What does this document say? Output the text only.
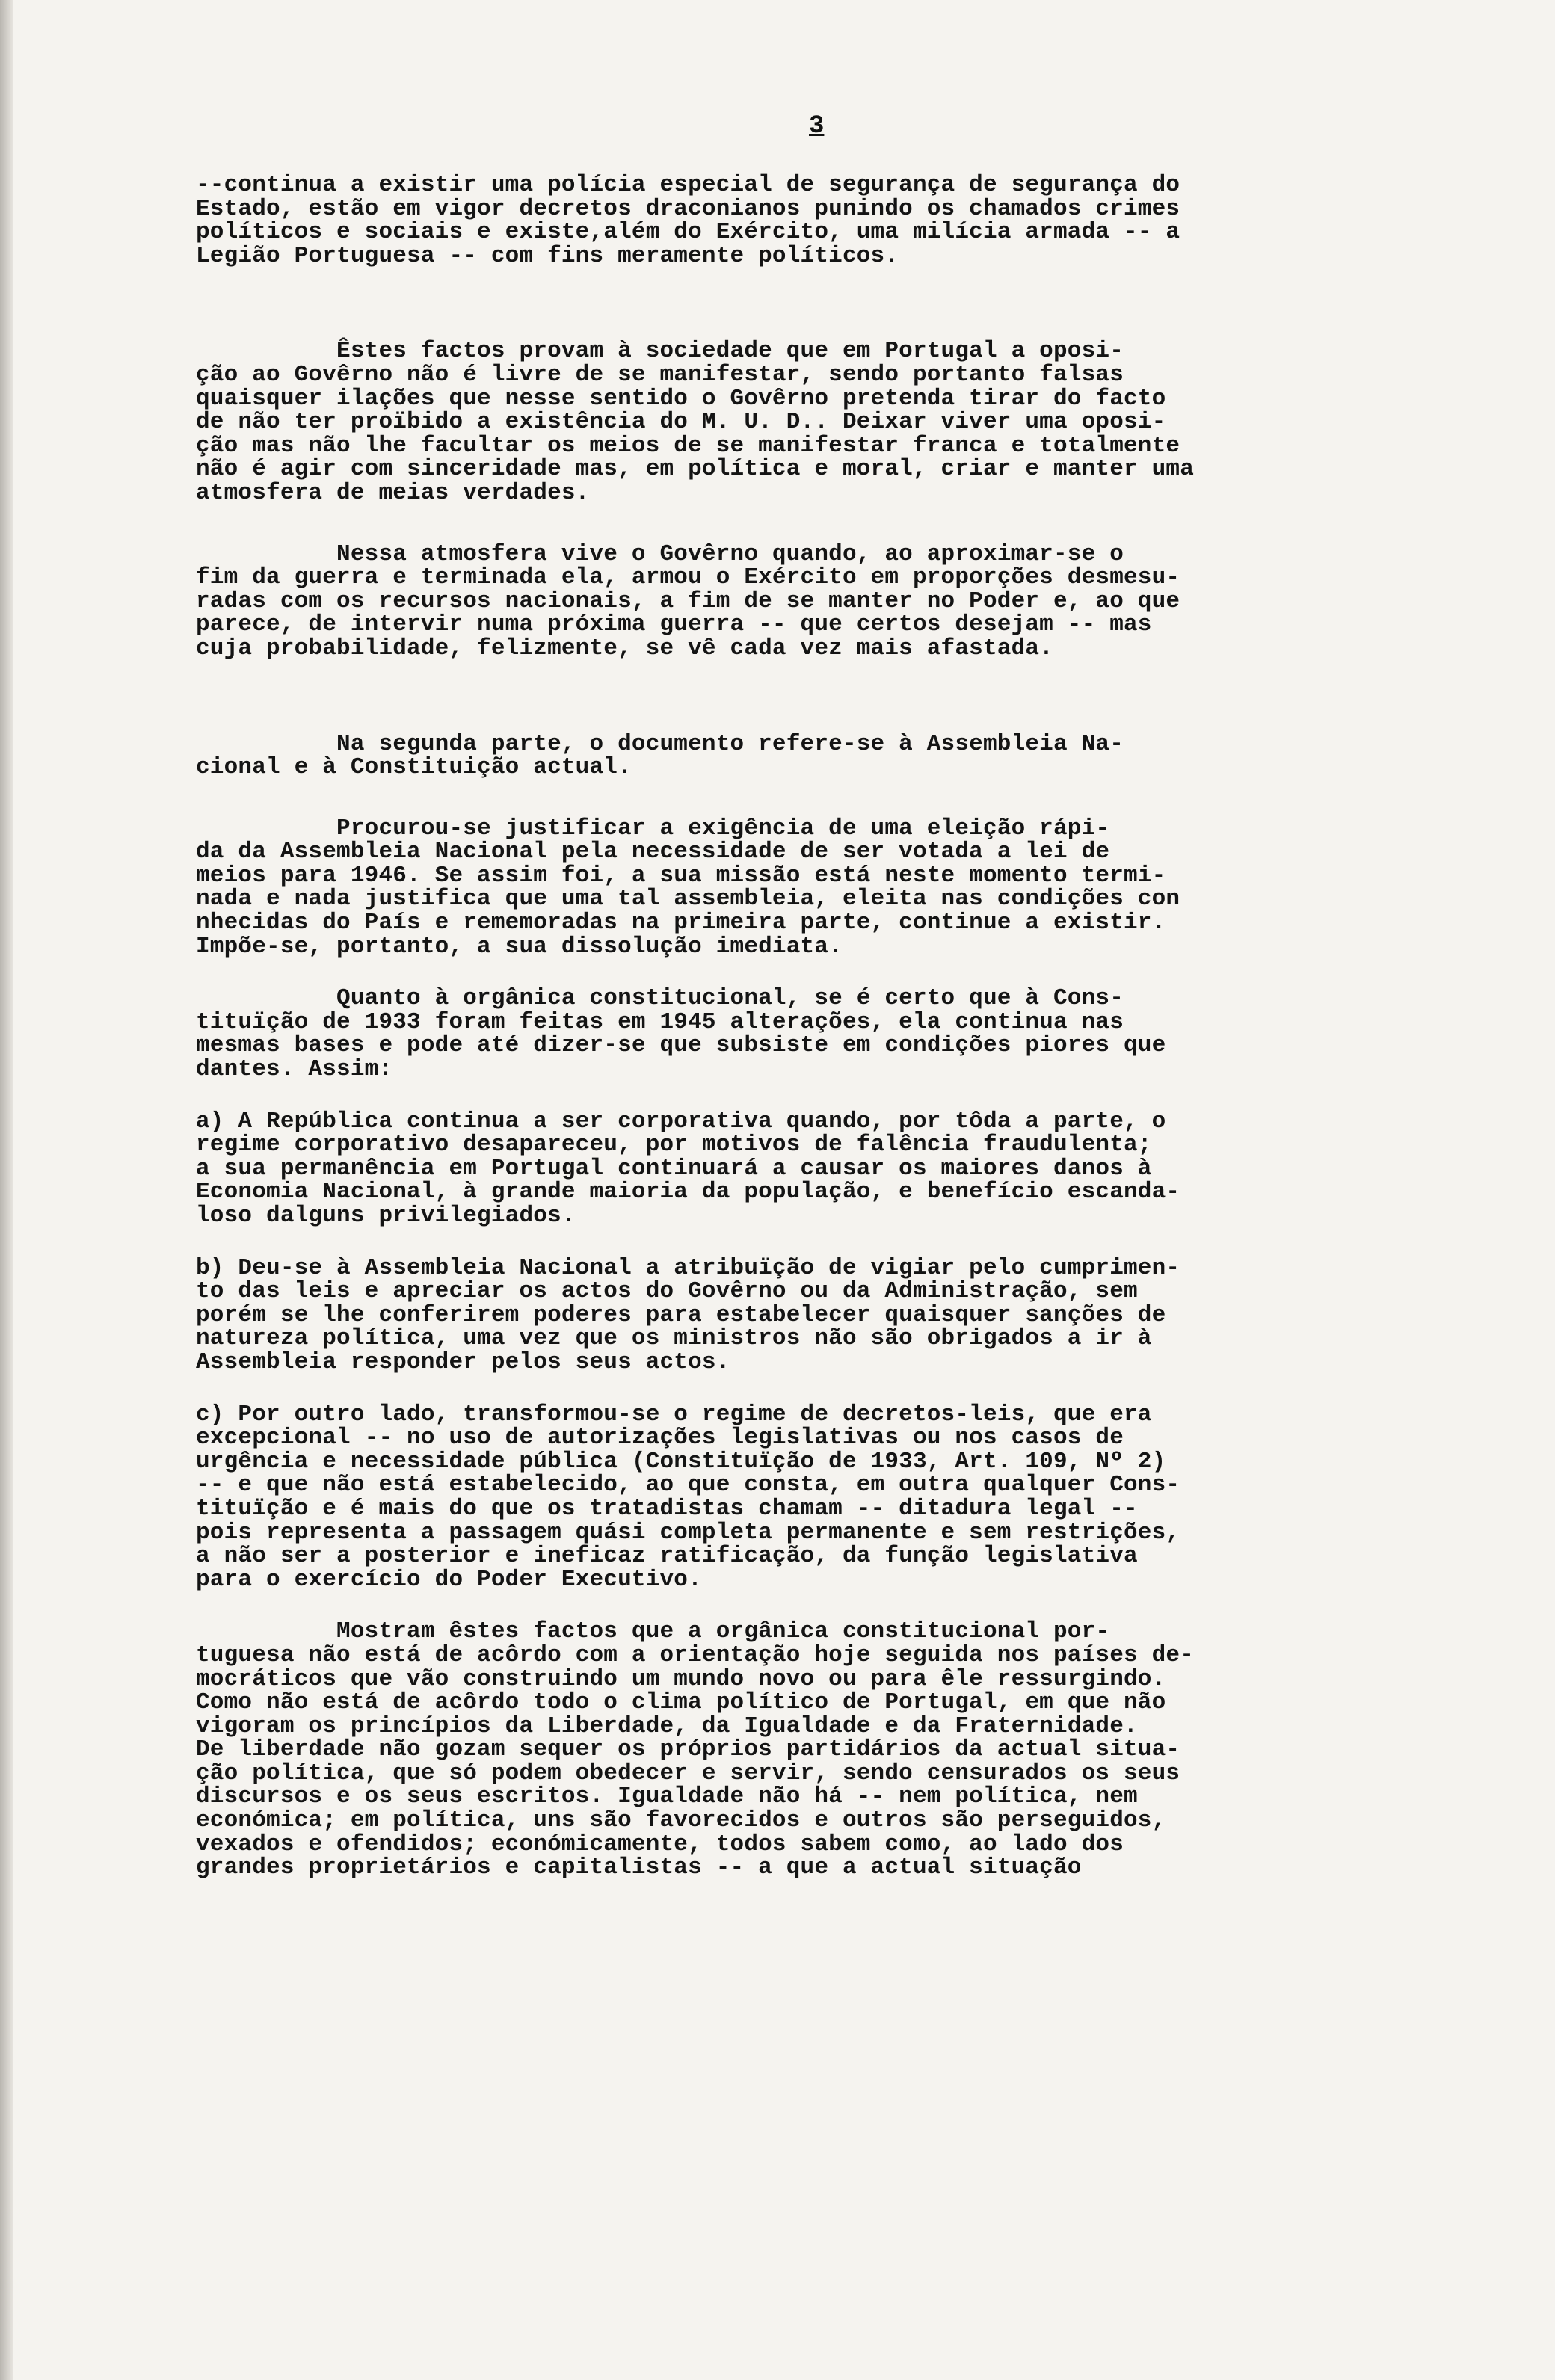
3
--continua a existir uma polícia especial de segurança de segurança do
Estado, estão em vigor decretos draconianos punindo os chamados crimes
políticos e sociais e existe,além do Exército, uma milícia armada -- a
Legião Portuguesa -- com fins meramente políticos.
Êstes factos provam à sociedade que em Portugal a oposi-
ção ao Govêrno não é livre de se manifestar, sendo portanto falsas
quaisquer ilações que nesse sentido o Govêrno pretenda tirar do facto
de não ter proïbido a existência do M. U. D.. Deixar viver uma oposi-
ção mas não lhe facultar os meios de se manifestar franca e totalmente
não é agir com sinceridade mas, em política e moral, criar e manter uma
atmosfera de meias verdades.
Nessa atmosfera vive o Govêrno quando, ao aproximar-se o
fim da guerra e terminada ela, armou o Exército em proporções desmesu-
radas com os recursos nacionais, a fim de se manter no Poder e, ao que
parece, de intervir numa próxima guerra -- que certos desejam -- mas
cuja probabilidade, felizmente, se vê cada vez mais afastada.
Na segunda parte, o documento refere-se à Assembleia Na-
cional e à Constituição actual.
Procurou-se justificar a exigência de uma eleição rápi-
da da Assembleia Nacional pela necessidade de ser votada a lei de
meios para 1946. Se assim foi, a sua missão está neste momento termi-
nada e nada justifica que uma tal assembleia, eleita nas condições con
nhecidas do País e rememoradas na primeira parte, continue a existir.
Impõe-se, portanto, a sua dissolução imediata.
Quanto à orgânica constitucional, se é certo que à Cons-
tituïção de 1933 foram feitas em 1945 alterações, ela continua nas
mesmas bases e pode até dizer-se que subsiste em condições piores que
dantes. Assim:
a) A República continua a ser corporativa quando, por tôda a parte, o
regime corporativo desapareceu, por motivos de falência fraudulenta;
a sua permanência em Portugal continuará a causar os maiores danos à
Economia Nacional, à grande maioria da população, e benefício escanda-
loso dalguns privilegiados.
b) Deu-se à Assembleia Nacional a atribuïção de vigiar pelo cumprimen-
to das leis e apreciar os actos do Govêrno ou da Administração, sem
porém se lhe conferirem poderes para estabelecer quaisquer sanções de
natureza política, uma vez que os ministros não são obrigados a ir à
Assembleia responder pelos seus actos.
c) Por outro lado, transformou-se o regime de decretos-leis, que era
excepcional -- no uso de autorizações legislativas ou nos casos de
urgência e necessidade pública (Constituïção de 1933, Art. 109, Nº 2)
-- e que não está estabelecido, ao que consta, em outra qualquer Cons-
tituïção e é mais do que os tratadistas chamam -- ditadura legal --
pois representa a passagem quási completa permanente e sem restrições,
a não ser a posterior e ineficaz ratificação, da função legislativa
para o exercício do Poder Executivo.
Mostram êstes factos que a orgânica constitucional por-
tuguesa não está de acôrdo com a orientação hoje seguida nos países de-
mocráticos que vão construindo um mundo novo ou para êle ressurgindo.
Como não está de acôrdo todo o clima político de Portugal, em que não
vigoram os princípios da Liberdade, da Igualdade e da Fraternidade.
De liberdade não gozam sequer os próprios partidários da actual situa-
ção política, que só podem obedecer e servir, sendo censurados os seus
discursos e os seus escritos. Igualdade não há -- nem política, nem
económica; em política, uns são favorecidos e outros são perseguidos,
vexados e ofendidos; económicamente, todos sabem como, ao lado dos
grandes proprietários e capitalistas -- a que a actual situação
